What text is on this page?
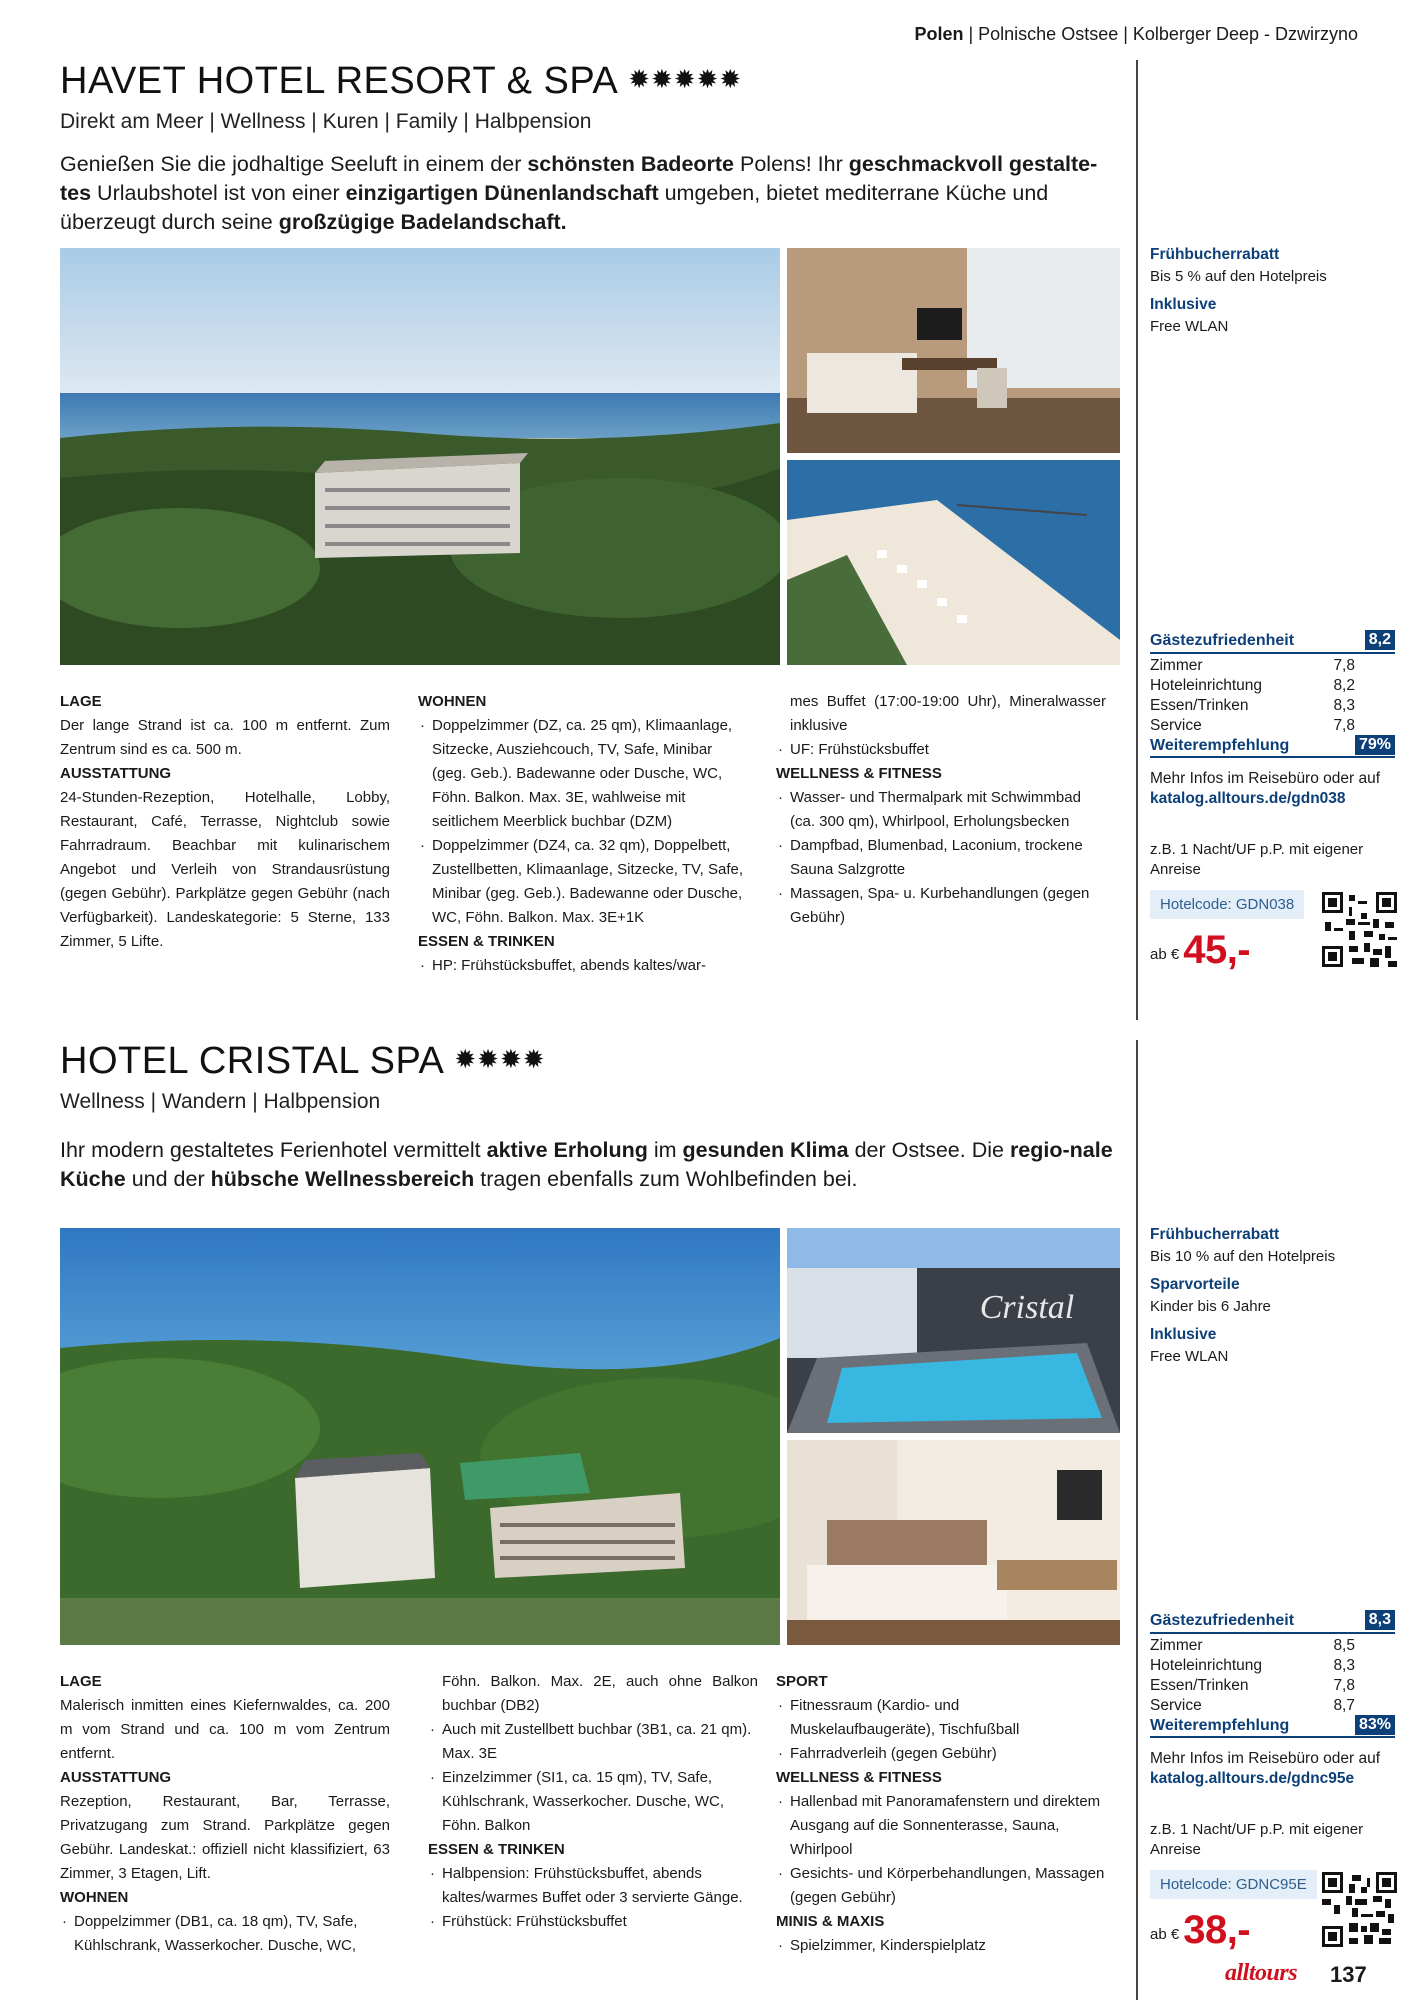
Polen | Polnische Ostsee | Kolberger Deep - Dzwirzyno
HAVET HOTEL RESORT & SPA ✹✹✹✹✹
Direkt am Meer | Wellness | Kuren | Family | Halbpension

Genießen Sie die jodhaltige Seeluft in einem der schönsten Badeorte Polens! Ihr geschmackvoll gestalte-tes Urlaubshotel ist von einer einzigartigen Dünenlandschaft umgeben, bietet mediterrane Küche und überzeugt durch seine großzügige Badelandschaft.

LAGE
Der lange Strand ist ca. 100 m entfernt. Zum Zentrum sind es ca. 500 m.
AUSSTATTUNG
24-Stunden-Rezeption, Hotelhalle, Lobby, Restaurant, Café, Terrasse, Nightclub sowie Fahrradraum. Beachbar mit kulinarischem Angebot und Verleih von Strandausrüstung (gegen Gebühr). Parkplätze gegen Gebühr (nach Verfügbarkeit). Landeskategorie: 5 Sterne, 133 Zimmer, 5 Lifte.
WOHNEN
· Doppelzimmer (DZ, ca. 25 qm), Klimaanlage, Sitzecke, Ausziehcouch, TV, Safe, Minibar (geg. Geb.). Badewanne oder Dusche, WC, Föhn. Balkon. Max. 3E, wahlweise mit seitlichem Meerblick buchbar (DZM)
· Doppelzimmer (DZ4, ca. 32 qm), Doppelbett, Zustellbetten, Klimaanlage, Sitzecke, TV, Safe, Minibar (geg. Geb.). Badewanne oder Dusche, WC, Föhn. Balkon. Max. 3E+1K
ESSEN & TRINKEN
· HP: Frühstücksbuffet, abends kaltes/war-
mes Buffet (17:00-19:00 Uhr), Mineralwasser inklusive
· UF: Frühstücksbuffet
WELLNESS & FITNESS
· Wasser- und Thermalpark mit Schwimmbad (ca. 300 qm), Whirlpool, Erholungsbecken
· Dampfbad, Blumenbad, Laconium, trockene Sauna Salzgrotte
· Massagen, Spa- u. Kurbehandlungen (gegen Gebühr)
Frühbucherrabatt
Bis 5 % auf den Hotelpreis
Inklusive
Free WLAN
Gästezufriedenheit	8,2
Zimmer	7,8
Hoteleinrichtung	8,2
Essen/Trinken	8,3
Service	7,8
Weiterempfehlung	79%
Mehr Infos im Reisebüro oder auf
katalog.alltours.de/gdn038
z.B. 1 Nacht/UF p.P. mit eigener Anreise
Hotelcode: GDN038
ab € 45,-
HOTEL CRISTAL SPA ✹✹✹✹
Wellness | Wandern | Halbpension

Ihr modern gestaltetes Ferienhotel vermittelt aktive Erholung im gesunden Klima der Ostsee. Die regio-nale Küche und der hübsche Wellnessbereich tragen ebenfalls zum Wohlbefinden bei.

Cristal
LAGE
Malerisch inmitten eines Kiefernwaldes, ca. 200 m vom Strand und ca. 100 m vom Zentrum entfernt.
AUSSTATTUNG
Rezeption, Restaurant, Bar, Terrasse, Privatzugang zum Strand. Parkplätze gegen Gebühr. Landeskat.: offiziell nicht klassifiziert, 63 Zimmer, 3 Etagen, Lift.
WOHNEN
· Doppelzimmer (DB1, ca. 18 qm), TV, Safe, Kühlschrank, Wasserkocher. Dusche, WC,
Föhn. Balkon. Max. 2E, auch ohne Balkon buchbar (DB2)
· Auch mit Zustellbett buchbar (3B1, ca. 21 qm). Max. 3E
· Einzelzimmer (SI1, ca. 15 qm), TV, Safe, Kühlschrank, Wasserkocher. Dusche, WC, Föhn. Balkon
ESSEN & TRINKEN
· Halbpension: Frühstücksbuffet, abends kaltes/warmes Buffet oder 3 servierte Gänge.
· Frühstück: Frühstücksbuffet
SPORT
· Fitnessraum (Kardio- und Muskelaufbaugeräte), Tischfußball
· Fahrradverleih (gegen Gebühr)
WELLNESS & FITNESS
· Hallenbad mit Panoramafenstern und direktem Ausgang auf die Sonnenterasse, Sauna, Whirlpool
· Gesichts- und Körperbehandlungen, Massagen (gegen Gebühr)
MINIS & MAXIS
· Spielzimmer, Kinderspielplatz
Frühbucherrabatt
Bis 10 % auf den Hotelpreis
Sparvorteile
Kinder bis 6 Jahre
Inklusive
Free WLAN
Gästezufriedenheit	8,3
Zimmer	8,5
Hoteleinrichtung	8,3
Essen/Trinken	7,8
Service	8,7
Weiterempfehlung	83%
Mehr Infos im Reisebüro oder auf
katalog.alltours.de/gdnc95e
z.B. 1 Nacht/UF p.P. mit eigener Anreise
Hotelcode: GDNC95E
ab € 38,-
alltours 137
